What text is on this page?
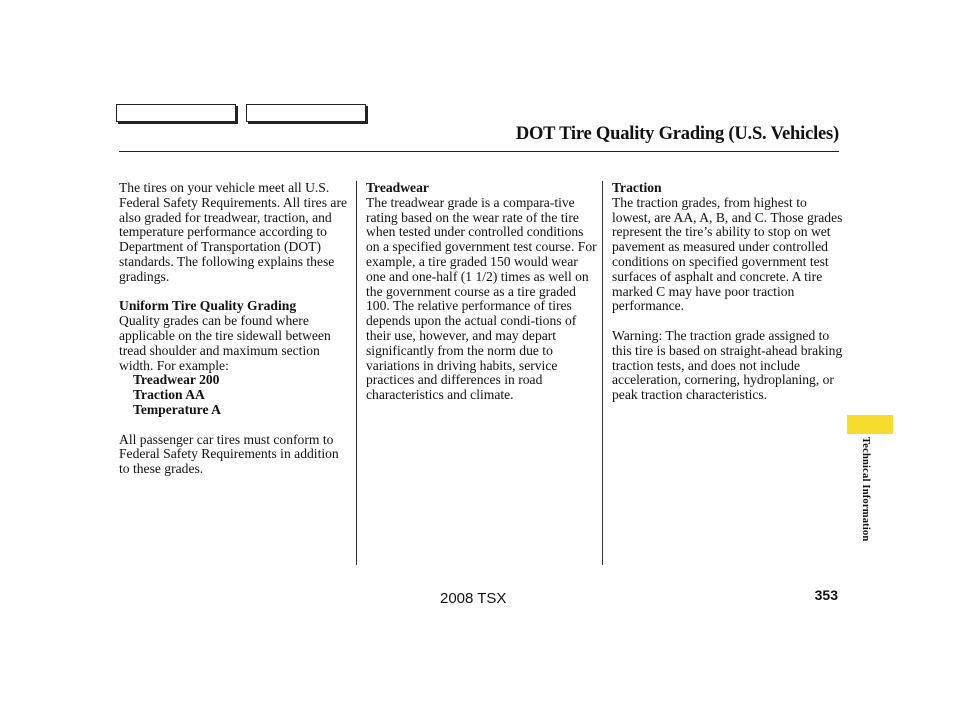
DOT Tire Quality Grading (U.S. Vehicles)

The tires on your vehicle meet all U.S. Federal Safety Requirements. All tires are also graded for treadwear, traction, and temperature performance according to Department of Transportation (DOT) standards. The following explains these gradings.

Uniform Tire Quality Grading

Quality grades can be found where applicable on the tire sidewall between tread shoulder and maximum section width. For example:

Treadwear 200

Traction AA

Temperature A

All passenger car tires must conform to Federal Safety Requirements in addition to these grades.

Treadwear

The treadwear grade is a compara-tive rating based on the wear rate of the tire when tested under controlled conditions on a specified government test course. For example, a tire graded 150 would wear one and one-half (1 1/2) times as well on the government course as a tire graded 100. The relative performance of tires depends upon the actual condi-tions of their use, however, and may depart significantly from the norm due to variations in driving habits, service practices and differences in road characteristics and climate.

Traction

The traction grades, from highest to lowest, are AA, A, B, and C. Those grades represent the tire’s ability to stop on wet pavement as measured under controlled conditions on specified government test surfaces of asphalt and concrete. A tire marked C may have poor traction performance.

Warning: The traction grade assigned to this tire is based on straight-ahead braking traction tests, and does not include acceleration, cornering, hydroplaning, or peak traction characteristics.

Technical Information
2008 TSX	353
